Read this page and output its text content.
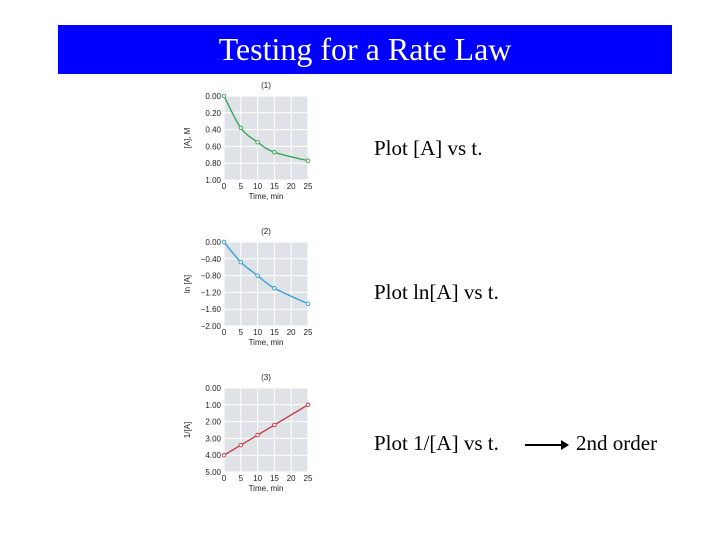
Testing for a Rate Law
0 5 10 15 20 25
0.00
0.20
0.40
0.60
0.80
1.00
(1)
Time, min
[A], M
0 5 10 15 20 25
0.00
−0.40
−0.80
−1.20
−1.60
−2.00
(2)
Time, min
ln [A]
0 5 10 15 20 25
0.00
1.00
2.00
3.00
4.00
5.00
(3)
Time, min
1/[A]
Plot [A] vs t.
Plot ln[A] vs t.
Plot 1/[A] vs t.	2nd order
